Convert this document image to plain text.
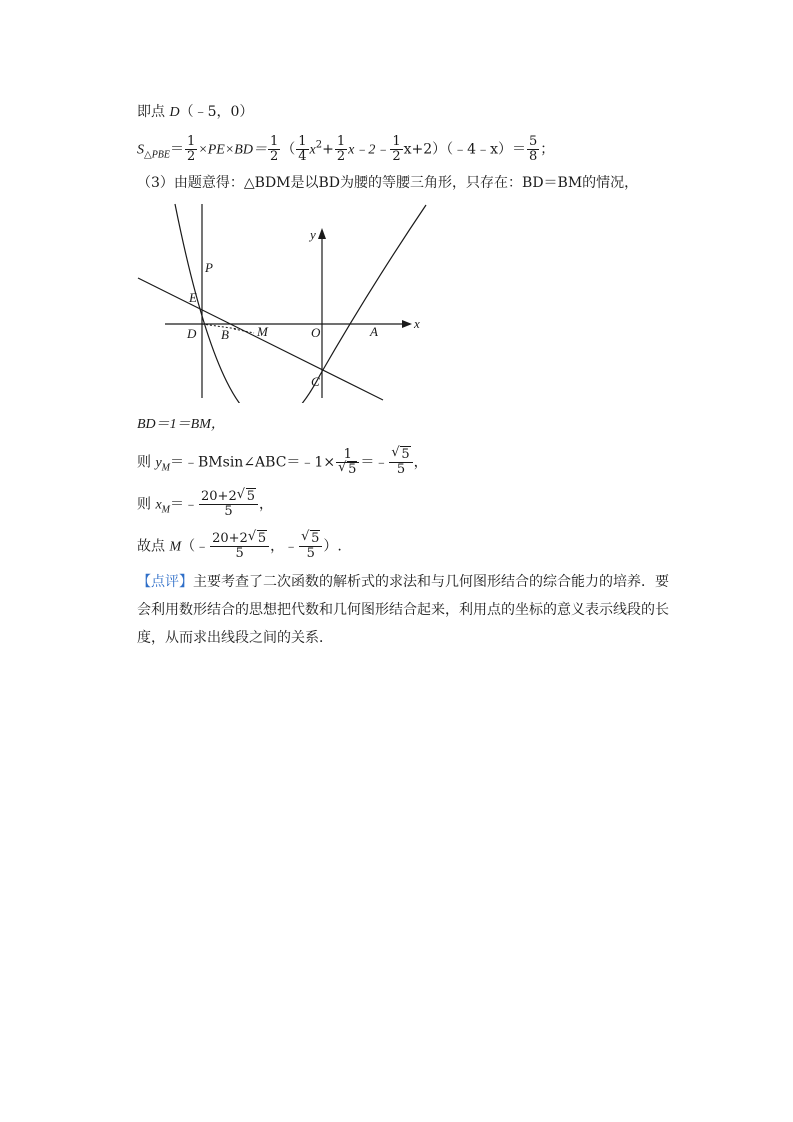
即点 D（﹣5，0）
$S_{\triangle PBE}= \frac{1}{2} \times PE\times BD= \frac{1}{2}$ （ $\frac{1}{4} x^2+ \frac{1}{2}$ x﹣2﹣ $\frac{1}{2}$ x+2）（﹣4﹣x）＝ $\frac{5}{8}$ ；
（3）由题意得：△BDM是以BD为腰的等腰三角形，只存在：BD＝BM的情况，
y
x
P
E
D B M	O	A
C
BD＝1＝BM，
则 $y_M=﹣BMsin\angle ABC=﹣1\times \frac{1}{√ 5}$ ＝﹣ $\frac{√ 5}{5}$ ，
则 $x_M=﹣ \frac{20+2 √ 5}{5}$ ，
故点 M（﹣ $\frac{20+2 √ 5}{5}$ ，﹣ $\frac{√ 5}{5}$ ）.
【点评】主要考查了二次函数的解析式的求法和与几何图形结合的综合能力的培养．要会利用数形结合的思想把代数和几何图形结合起来，利用点的坐标的意义表示线段的长度，从而求出线段之间的关系．
